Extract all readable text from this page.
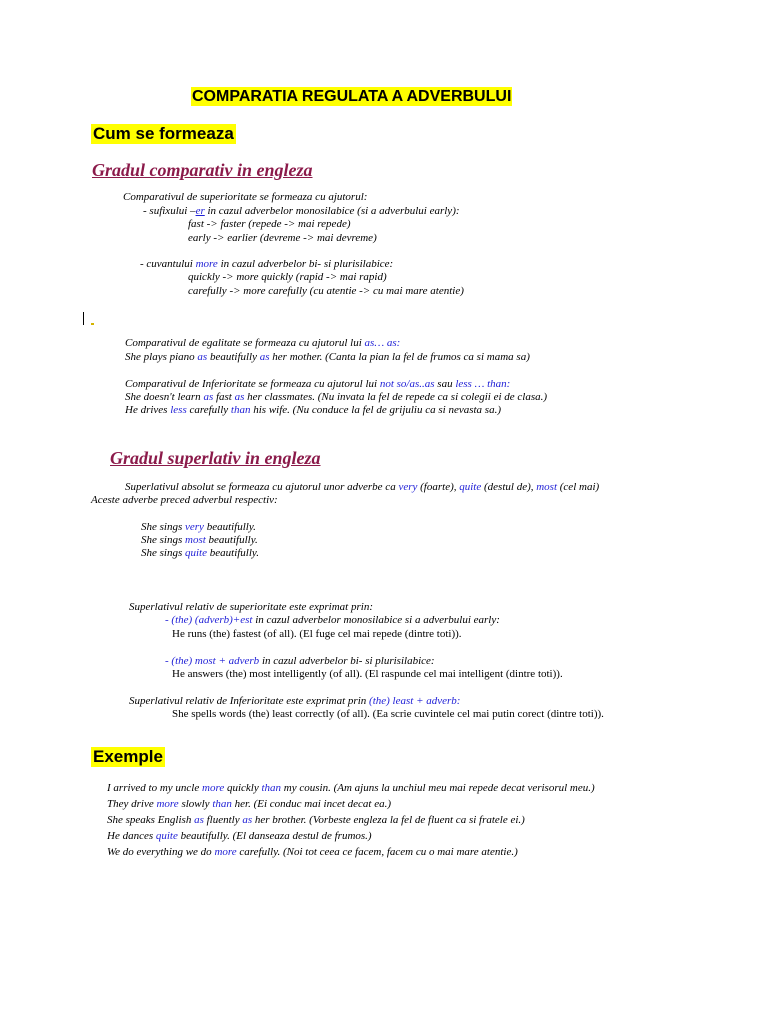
COMPARATIA REGULATA A ADVERBULUI
Cum se formeaza
Gradul comparativ in engleza
Comparativul de superioritate se formeaza cu ajutorul:
- sufixului –er in cazul adverbelor monosilabice (si a adverbului early):
fast -> faster (repede -> mai repede)
early -> earlier (devreme -> mai devreme)
- cuvantului more in cazul adverbelor bi- si plurisilabice:
quickly -> more quickly (rapid -> mai rapid)
carefully -> more carefully (cu atentie -> cu mai mare atentie)
Comparativul de egalitate se formeaza cu ajutorul lui as… as:
She plays piano as beautifully as her mother. (Canta la pian la fel de frumos ca si mama sa)
Comparativul de Inferioritate se formeaza cu ajutorul lui not so/as..as sau less … than:
She doesn't learn as fast as her classmates. (Nu invata la fel de repede ca si colegii ei de clasa.)
He drives less carefully than his wife. (Nu conduce la fel de grijuliu ca si nevasta sa.)
Gradul superlativ in engleza
Superlativul absolut se formeaza cu ajutorul unor adverbe ca very (foarte), quite (destul de), most (cel mai)
Aceste adverbe preced adverbul respectiv:
She sings very beautifully.
She sings most beautifully.
She sings quite beautifully.
Superlativul relativ de superioritate este exprimat prin:
- (the) (adverb)+est in cazul adverbelor monosilabice si a adverbului early:
He runs (the) fastest (of all). (El fuge cel mai repede (dintre toti)).
- (the) most + adverb in cazul adverbelor bi- si plurisilabice:
He answers (the) most intelligently (of all). (El raspunde cel mai intelligent (dintre toti)).
Superlativul relativ de Inferioritate este exprimat prin (the) least + adverb:
She spells words (the) least correctly (of all). (Ea scrie cuvintele cel mai putin corect (dintre toti)).
Exemple
I arrived to my uncle more quickly than my cousin. (Am ajuns la unchiul meu mai repede decat verisorul meu.)
They drive more slowly than her. (Ei conduc mai incet decat ea.)
She speaks English as fluently as her brother. (Vorbeste engleza la fel de fluent ca si fratele ei.)
He dances quite beautifully. (El danseaza destul de frumos.)
We do everything we do more carefully. (Noi tot ceea ce facem, facem cu o mai mare atentie.)
